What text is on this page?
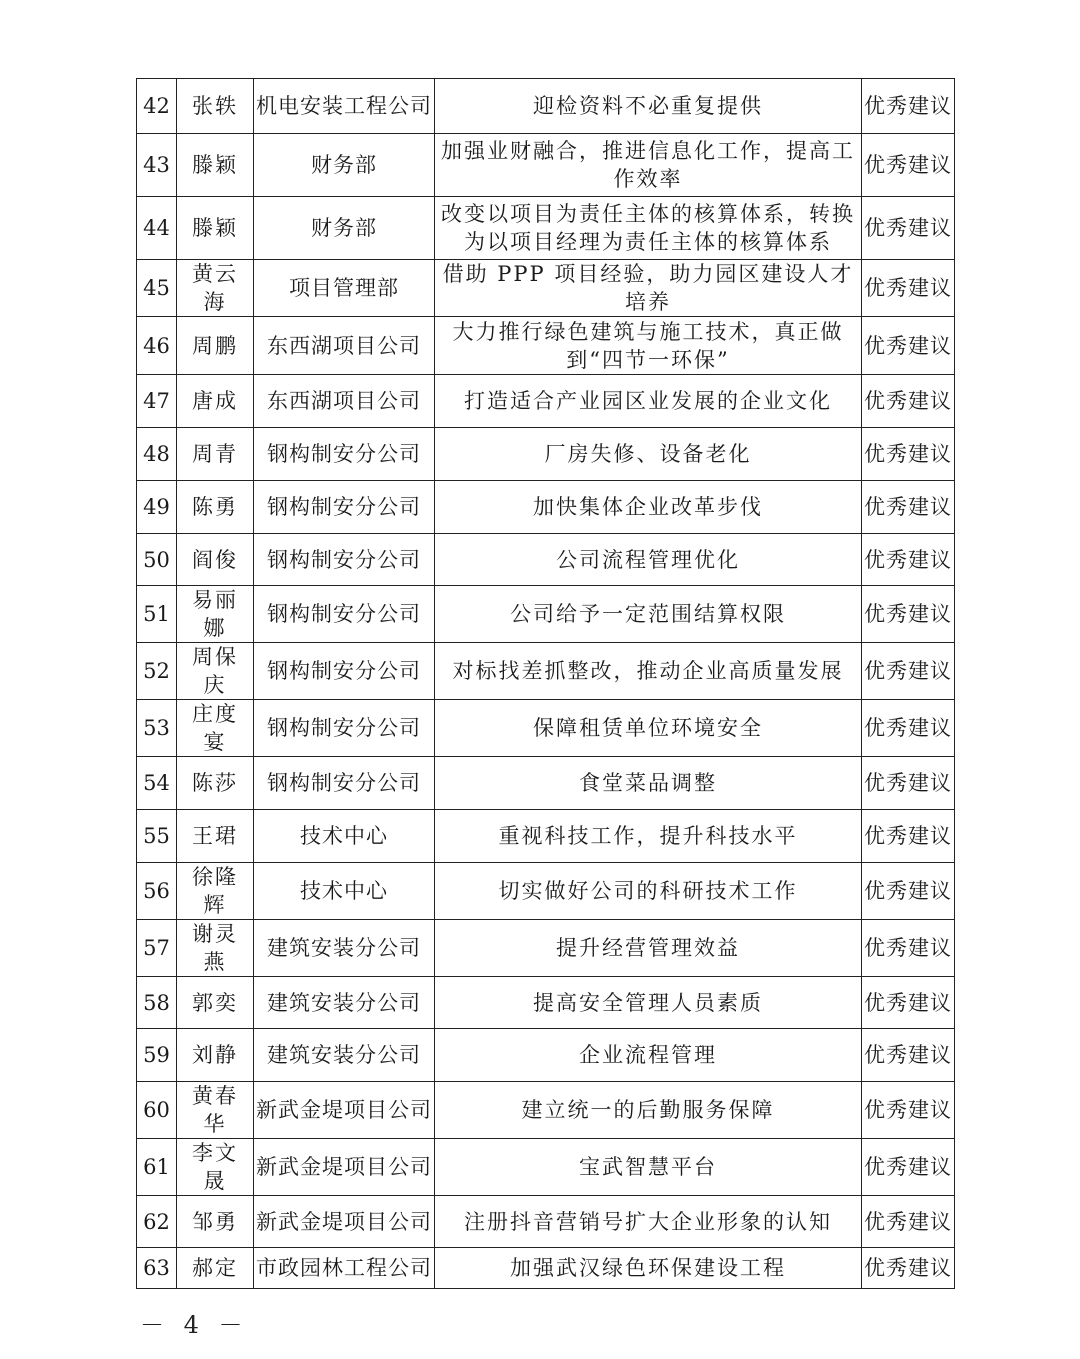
42	张轶	机电安装工程公司	迎检资料不必重复提供	优秀建议
43	滕颖	财务部	加强业财融合，推进信息化工作，提高工作效率	优秀建议
44	滕颖	财务部	改变以项目为责任主体的核算体系，转换为以项目经理为责任主体的核算体系	优秀建议
45	黄云海	项目管理部	借助 PPP 项目经验，助力园区建设人才培养	优秀建议
46	周鹏	东西湖项目公司	大力推行绿色建筑与施工技术，真正做到“四节一环保”	优秀建议
47	唐成	东西湖项目公司	打造适合产业园区业发展的企业文化	优秀建议
48	周青	钢构制安分公司	厂房失修、设备老化	优秀建议
49	陈勇	钢构制安分公司	加快集体企业改革步伐	优秀建议
50	阎俊	钢构制安分公司	公司流程管理优化	优秀建议
51	易丽娜	钢构制安分公司	公司给予一定范围结算权限	优秀建议
52	周保庆	钢构制安分公司	对标找差抓整改，推动企业高质量发展	优秀建议
53	庄度宴	钢构制安分公司	保障租赁单位环境安全	优秀建议
54	陈莎	钢构制安分公司	食堂菜品调整	优秀建议
55	王珺	技术中心	重视科技工作，提升科技水平	优秀建议
56	徐隆辉	技术中心	切实做好公司的科研技术工作	优秀建议
57	谢灵燕	建筑安装分公司	提升经营管理效益	优秀建议
58	郭奕	建筑安装分公司	提高安全管理人员素质	优秀建议
59	刘静	建筑安装分公司	企业流程管理	优秀建议
60	黄春华	新武金堤项目公司	建立统一的后勤服务保障	优秀建议
61	李文晟	新武金堤项目公司	宝武智慧平台	优秀建议
62	邹勇	新武金堤项目公司	注册抖音营销号扩大企业形象的认知	优秀建议
63	郝定	市政园林工程公司	加强武汉绿色环保建设工程	优秀建议
－ 4 －
